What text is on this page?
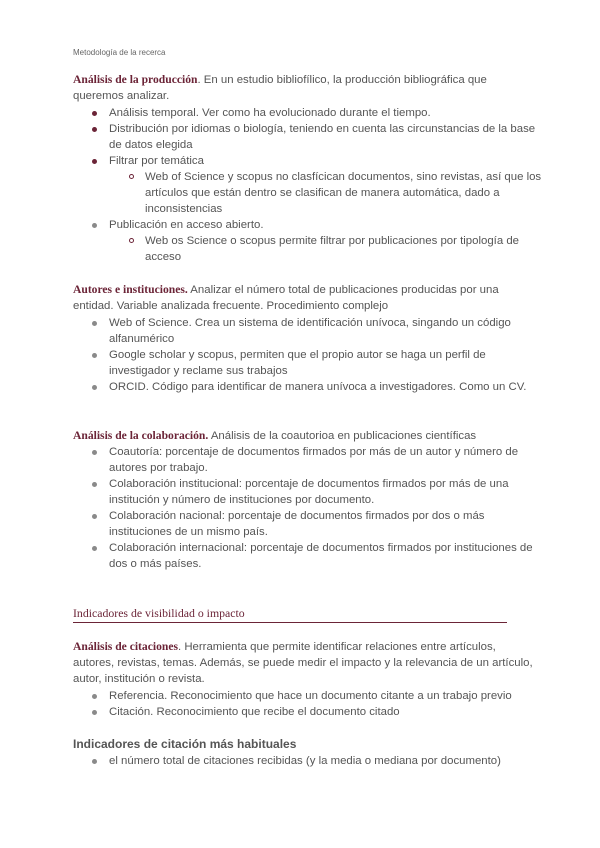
Metodología de la recerca

Análisis de la producción. En un estudio bibliofílico, la producción bibliográfica que queremos analizar.

Análisis temporal. Ver como ha evolucionado durante el tiempo.
Distribución por idiomas o biología, teniendo en cuenta las circunstancias de la base de datos elegida
Filtrar por temática
Web of Science y scopus no clasfícican documentos, sino revistas, así que los artículos que están dentro se clasifican de manera automática, dado a inconsistencias
Publicación en acceso abierto.
Web os Science o scopus permite filtrar por publicaciones por tipología de acceso

Autores e instituciones. Analizar el número total de publicaciones producidas por una entidad. Variable analizada frecuente. Procedimiento complejo

Web of Science. Crea un sistema de identificación unívoca, singando un código alfanumérico
Google scholar y scopus, permiten que el propio autor se haga un perfil de investigador y reclame sus trabajos
ORCID. Código para identificar de manera unívoca a investigadores. Como un CV.

Análisis de la colaboración. Análisis de la coautorioa en publicaciones científicas

Coautoría: porcentaje de documentos firmados por más de un autor y número de autores por trabajo.
Colaboración institucional: porcentaje de documentos firmados por más de una institución y número de instituciones por documento.
Colaboración nacional: porcentaje de documentos firmados por dos o más instituciones de un mismo país.
Colaboración internacional: porcentaje de documentos firmados por instituciones de dos o más países.
Indicadores de visibilidad o impacto

Análisis de citaciones. Herramienta que permite identificar relaciones entre artículos, autores, revistas, temas. Además, se puede medir el impacto y la relevancia de un artículo, autor, institución o revista.

Referencia. Reconocimiento que hace un documento citante a un trabajo previo
Citación. Reconocimiento que recibe el documento citado
Indicadores de citación más habituales
el número total de citaciones recibidas (y la media o mediana por documento)
